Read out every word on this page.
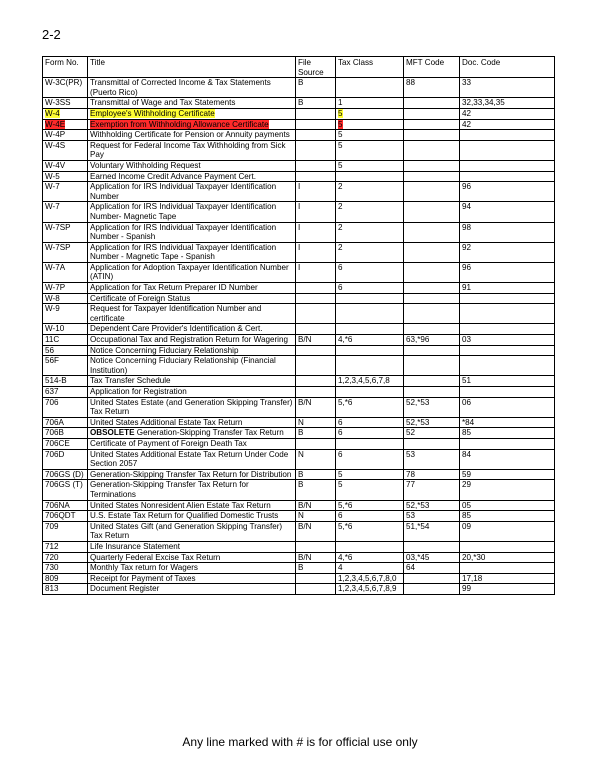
2-2
Form No.	Title	File Source	Tax Class	MFT Code	Doc. Code
W-3C(PR)	Transmittal of Corrected Income & Tax Statements (Puerto Rico)	B		88	33
W-3SS	Transmittal of Wage and Tax Statements	B	1		32,33,34,35
W-4	Employee's Withholding Certificate		5		42
W-4E	Exemption from Withholding Allowance Certificate		5		42
W-4P	Withholding Certificate for Pension or Annuity payments		5		
W-4S	Request for Federal Income Tax Withholding from Sick Pay		5		
W-4V	Voluntary Withholding Request		5		
W-5	Earned Income Credit Advance Payment Cert.				
W-7	Application for IRS Individual Taxpayer Identification Number	I	2		96
W-7	Application for IRS Individual Taxpayer Identification Number- Magnetic Tape	I	2		94
W-7SP	Application for IRS Individual Taxpayer Identification Number - Spanish	I	2		98
W-7SP	Application for IRS Individual Taxpayer Identification Number - Magnetic Tape - Spanish	I	2		92
W-7A	Application for Adoption Taxpayer Identification Number (ATIN)	I	6		96
W-7P	Application for Tax Return Preparer ID Number		6		91
W-8	Certificate of Foreign Status				
W-9	Request for Taxpayer Identification Number and certificate				
W-10	Dependent Care Provider's Identification & Cert.				
11C	Occupational Tax and Registration Return for Wagering	B/N	4,*6	63,*96	03
56	Notice Concerning Fiduciary Relationship				
56F	Notice Concerning Fiduciary Relationship (Financial Institution)				
514-B	Tax Transfer Schedule		1,2,3,4,5,6,7,8		51
637	Application for Registration				
706	United States Estate (and Generation Skipping Transfer) Tax Return	B/N	5,*6	52,*53	06
706A	United States Additional Estate Tax Return	N	6	52,*53	*84
706B	OBSOLETE Generation-Skipping Transfer Tax Return	B	6	52	85
706CE	Certificate of Payment of Foreign Death Tax				
706D	United States Additional Estate Tax Return Under Code Section 2057	N	6	53	84
706GS (D)	Generation-Skipping Transfer Tax Return for Distribution	B	5	78	59
706GS (T)	Generation-Skipping Transfer Tax Return for Terminations	B	5	77	29
706NA	United States Nonresident Alien Estate Tax Return	B/N	5,*6	52,*53	05
706QDT	U.S. Estate Tax Return for Qualified Domestic Trusts	N	6	53	85
709	United States Gift (and Generation Skipping Transfer) Tax Return	B/N	5,*6	51,*54	09
712	Life Insurance Statement				
720	Quarterly Federal Excise Tax Return	B/N	4,*6	03,*45	20,*30
730	Monthly Tax return for Wagers	B	4	64	
809	Receipt for Payment of Taxes		1,2,3,4,5,6,7,8,0		17,18
813	Document Register		1,2,3,4,5,6,7,8,9		99
Any line marked with # is for official use only
